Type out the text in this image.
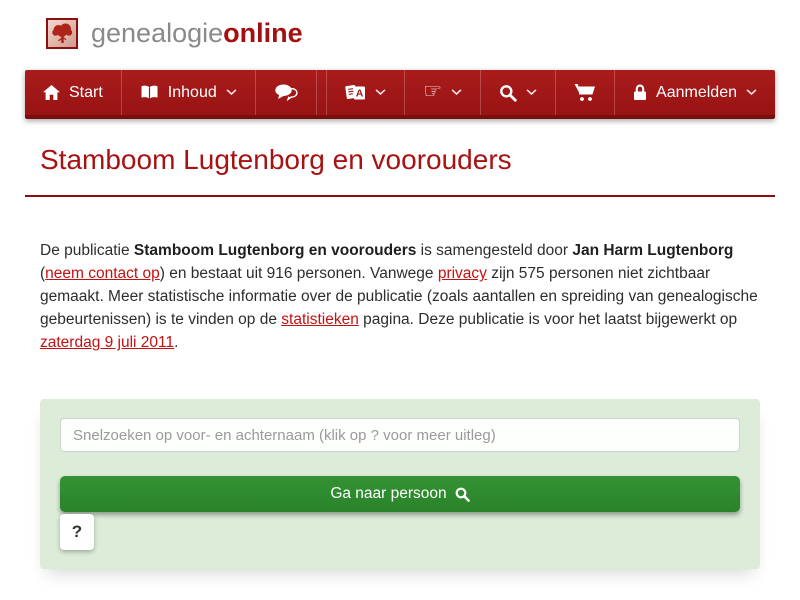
genealogieonline
Start	Inhoud	A	☞	Aanmelden
Stamboom Lugtenborg en voorouders

De publicatie Stamboom Lugtenborg en voorouders is samengesteld door Jan Harm Lugtenborg (neem contact op) en bestaat uit 916 personen. Vanwege privacy zijn 575 personen niet zichtbaar gemaakt. Meer statistische informatie over de publicatie (zoals aantallen en spreiding van genealogische gebeurtenissen) is te vinden op de statistieken pagina. Deze publicatie is voor het laatst bijgewerkt op zaterdag 9 juli 2011.

Snelzoeken op voor- en achternaam (klik op ? voor meer uitleg)
Ga naar persoon
?
